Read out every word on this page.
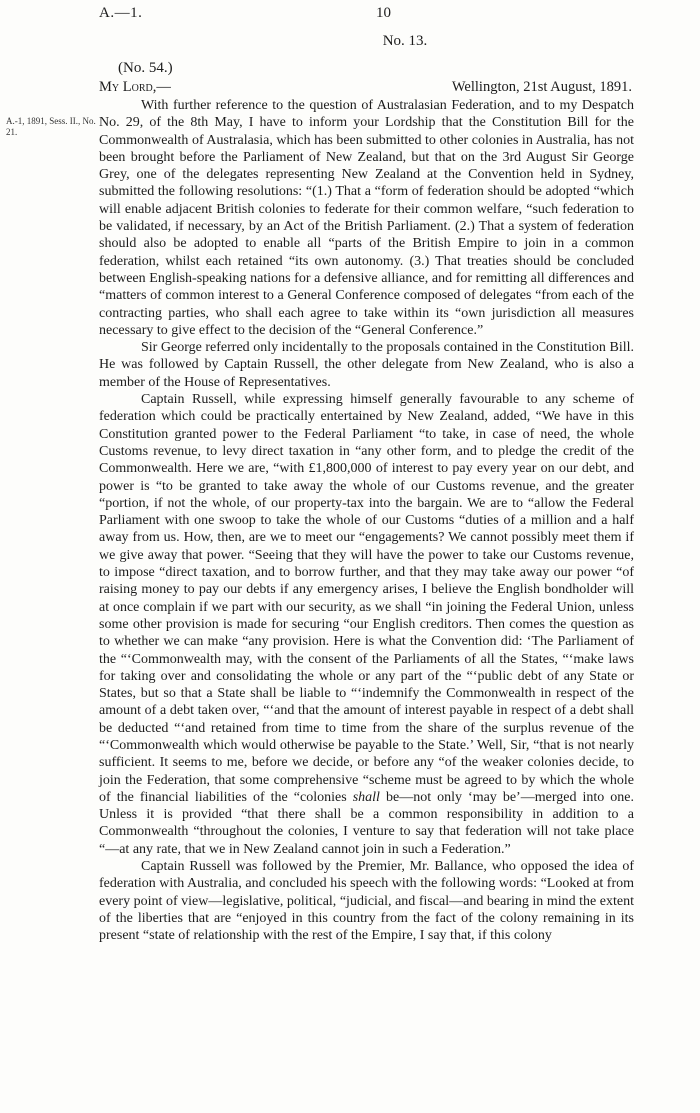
A.—1.	10
No. 13.
(No. 54.)
My Lord,—	Wellington, 21st August, 1891.
A.-1, 1891, Sess. II., No. 21.

With further reference to the question of Australasian Federation, and to my Despatch No. 29, of the 8th May, I have to inform your Lordship that the Constitution Bill for the Commonwealth of Australasia, which has been submitted to other colonies in Australia, has not been brought before the Parliament of New Zealand, but that on the 3rd August Sir George Grey, one of the delegates representing New Zealand at the Convention held in Sydney, submitted the following resolutions: “(1.) That a “form of federation should be adopted “which will enable adjacent British colonies to federate for their common welfare, “such federation to be validated, if necessary, by an Act of the British Parliament. (2.) That a system of federation should also be adopted to enable all “parts of the British Empire to join in a common federation, whilst each retained “its own autonomy. (3.) That treaties should be concluded between English-speaking nations for a defensive alliance, and for remitting all differences and “matters of common interest to a General Conference composed of delegates “from each of the contracting parties, who shall each agree to take within its “own jurisdiction all measures necessary to give effect to the decision of the “General Conference.”

Sir George referred only incidentally to the proposals contained in the Constitution Bill. He was followed by Captain Russell, the other delegate from New Zealand, who is also a member of the House of Representatives.

Captain Russell, while expressing himself generally favourable to any scheme of federation which could be practically entertained by New Zealand, added, “We have in this Constitution granted power to the Federal Parliament “to take, in case of need, the whole Customs revenue, to levy direct taxation in “any other form, and to pledge the credit of the Commonwealth. Here we are, “with £1,800,000 of interest to pay every year on our debt, and power is “to be granted to take away the whole of our Customs revenue, and the greater “portion, if not the whole, of our property-tax into the bargain. We are to “allow the Federal Parliament with one swoop to take the whole of our Customs “duties of a million and a half away from us. How, then, are we to meet our “engagements? We cannot possibly meet them if we give away that power. “Seeing that they will have the power to take our Customs revenue, to impose “direct taxation, and to borrow further, and that they may take away our power “of raising money to pay our debts if any emergency arises, I believe the English bondholder will at once complain if we part with our security, as we shall “in joining the Federal Union, unless some other provision is made for securing “our English creditors. Then comes the question as to whether we can make “any provision. Here is what the Convention did: ‘The Parliament of the “‘Commonwealth may, with the consent of the Parliaments of all the States, “‘make laws for taking over and consolidating the whole or any part of the “‘public debt of any State or States, but so that a State shall be liable to “‘indemnify the Commonwealth in respect of the amount of a debt taken over, “‘and that the amount of interest payable in respect of a debt shall be deducted “‘and retained from time to time from the share of the surplus revenue of the “‘Commonwealth which would otherwise be payable to the State.’ Well, Sir, “that is not nearly sufficient. It seems to me, before we decide, or before any “of the weaker colonies decide, to join the Federation, that some comprehensive “scheme must be agreed to by which the whole of the financial liabilities of the “colonies shall be—not only ‘may be’—merged into one. Unless it is provided “that there shall be a common responsibility in addition to a Commonwealth “throughout the colonies, I venture to say that federation will not take place “—at any rate, that we in New Zealand cannot join in such a Federation.”

Captain Russell was followed by the Premier, Mr. Ballance, who opposed the idea of federation with Australia, and concluded his speech with the following words: “Looked at from every point of view—legislative, political, “judicial, and fiscal—and bearing in mind the extent of the liberties that are “enjoyed in this country from the fact of the colony remaining in its present “state of relationship with the rest of the Empire, I say that, if this colony
